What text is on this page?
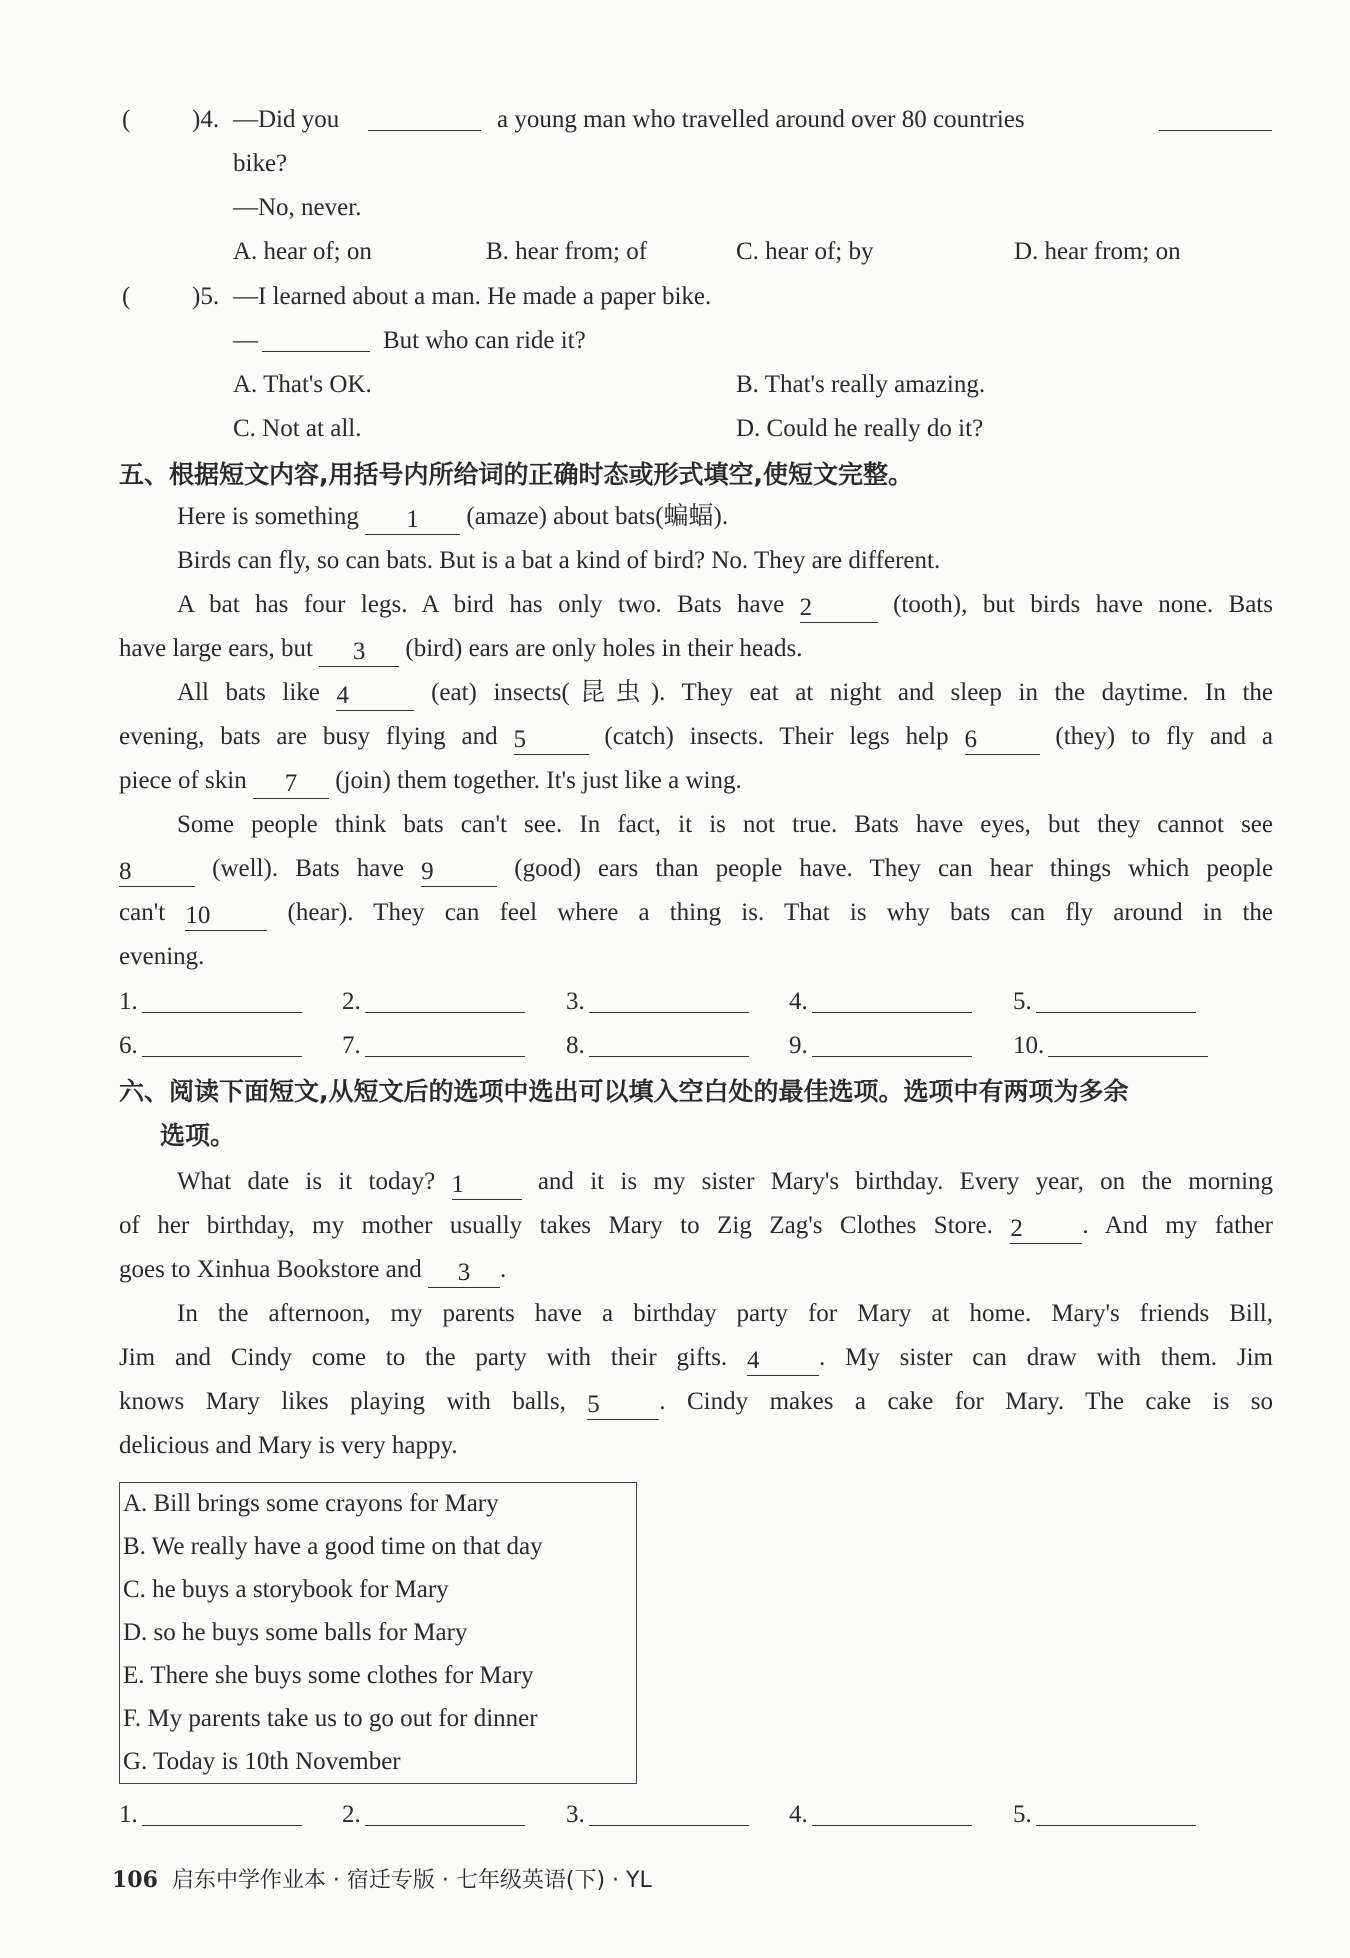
( )4. —Did you	a young man who travelled around over 80 countries
bike?
—No, never.
A. hear of; on	B. hear from; of	C. hear of; by	D. hear from; on
( )5. —I learned about a man. He made a paper bike.
—	But who can ride it?
A. That's OK.	B. That's really amazing.
C. Not at all.	D. Could he really do it?
五、根据短文内容,用括号内所给词的正确时态或形式填空,使短文完整。
Here is something 1 (amaze) about bats(蝙蝠).
Birds can fly, so can bats. But is a bat a kind of bird? No. They are different.
A bat has four legs. A bird has only two. Bats have 2	(tooth), but birds have none. Bats
have large ears, but 3 (bird) ears are only holes in their heads.
All bats like 4	(eat) insects(昆虫). They eat at night and sleep in the daytime. In the
evening, bats are busy flying and 5	(catch) insects. Their legs help 6	(they) to fly and a
piece of skin 7 (join) them together. It's just like a wing.
Some people think bats can't see. In fact, it is not true. Bats have eyes, but they cannot see
8	(well). Bats have 9	(good) ears than people have. They can hear things which people
can't 10	(hear). They can feel where a thing is. That is why bats can fly around in the
evening.
1.	2.	3.	4.	5.
6.	7.	8.	9.	10.
六、阅读下面短文,从短文后的选项中选出可以填入空白处的最佳选项。选项中有两项为多余
选项。
What date is it today? 1	and it is my sister Mary's birthday. Every year, on the morning
of her birthday, my mother usually takes Mary to Zig Zag's Clothes Store. 2 . And my father
goes to Xinhua Bookstore and 3 .
In the afternoon, my parents have a birthday party for Mary at home. Mary's friends Bill,
Jim and Cindy come to the party with their gifts. 4 . My sister can draw with them. Jim
knows Mary likes playing with balls, 5 . Cindy makes a cake for Mary. The cake is so
delicious and Mary is very happy.
A. Bill brings some crayons for Mary
B. We really have a good time on that day
C. he buys a storybook for Mary
D. so he buys some balls for Mary
E. There she buys some clothes for Mary
F. My parents take us to go out for dinner
G. Today is 10th November
1.	2.	3.	4.	5.
106 启东中学作业本 · 宿迁专版 · 七年级英语(下) · YL
